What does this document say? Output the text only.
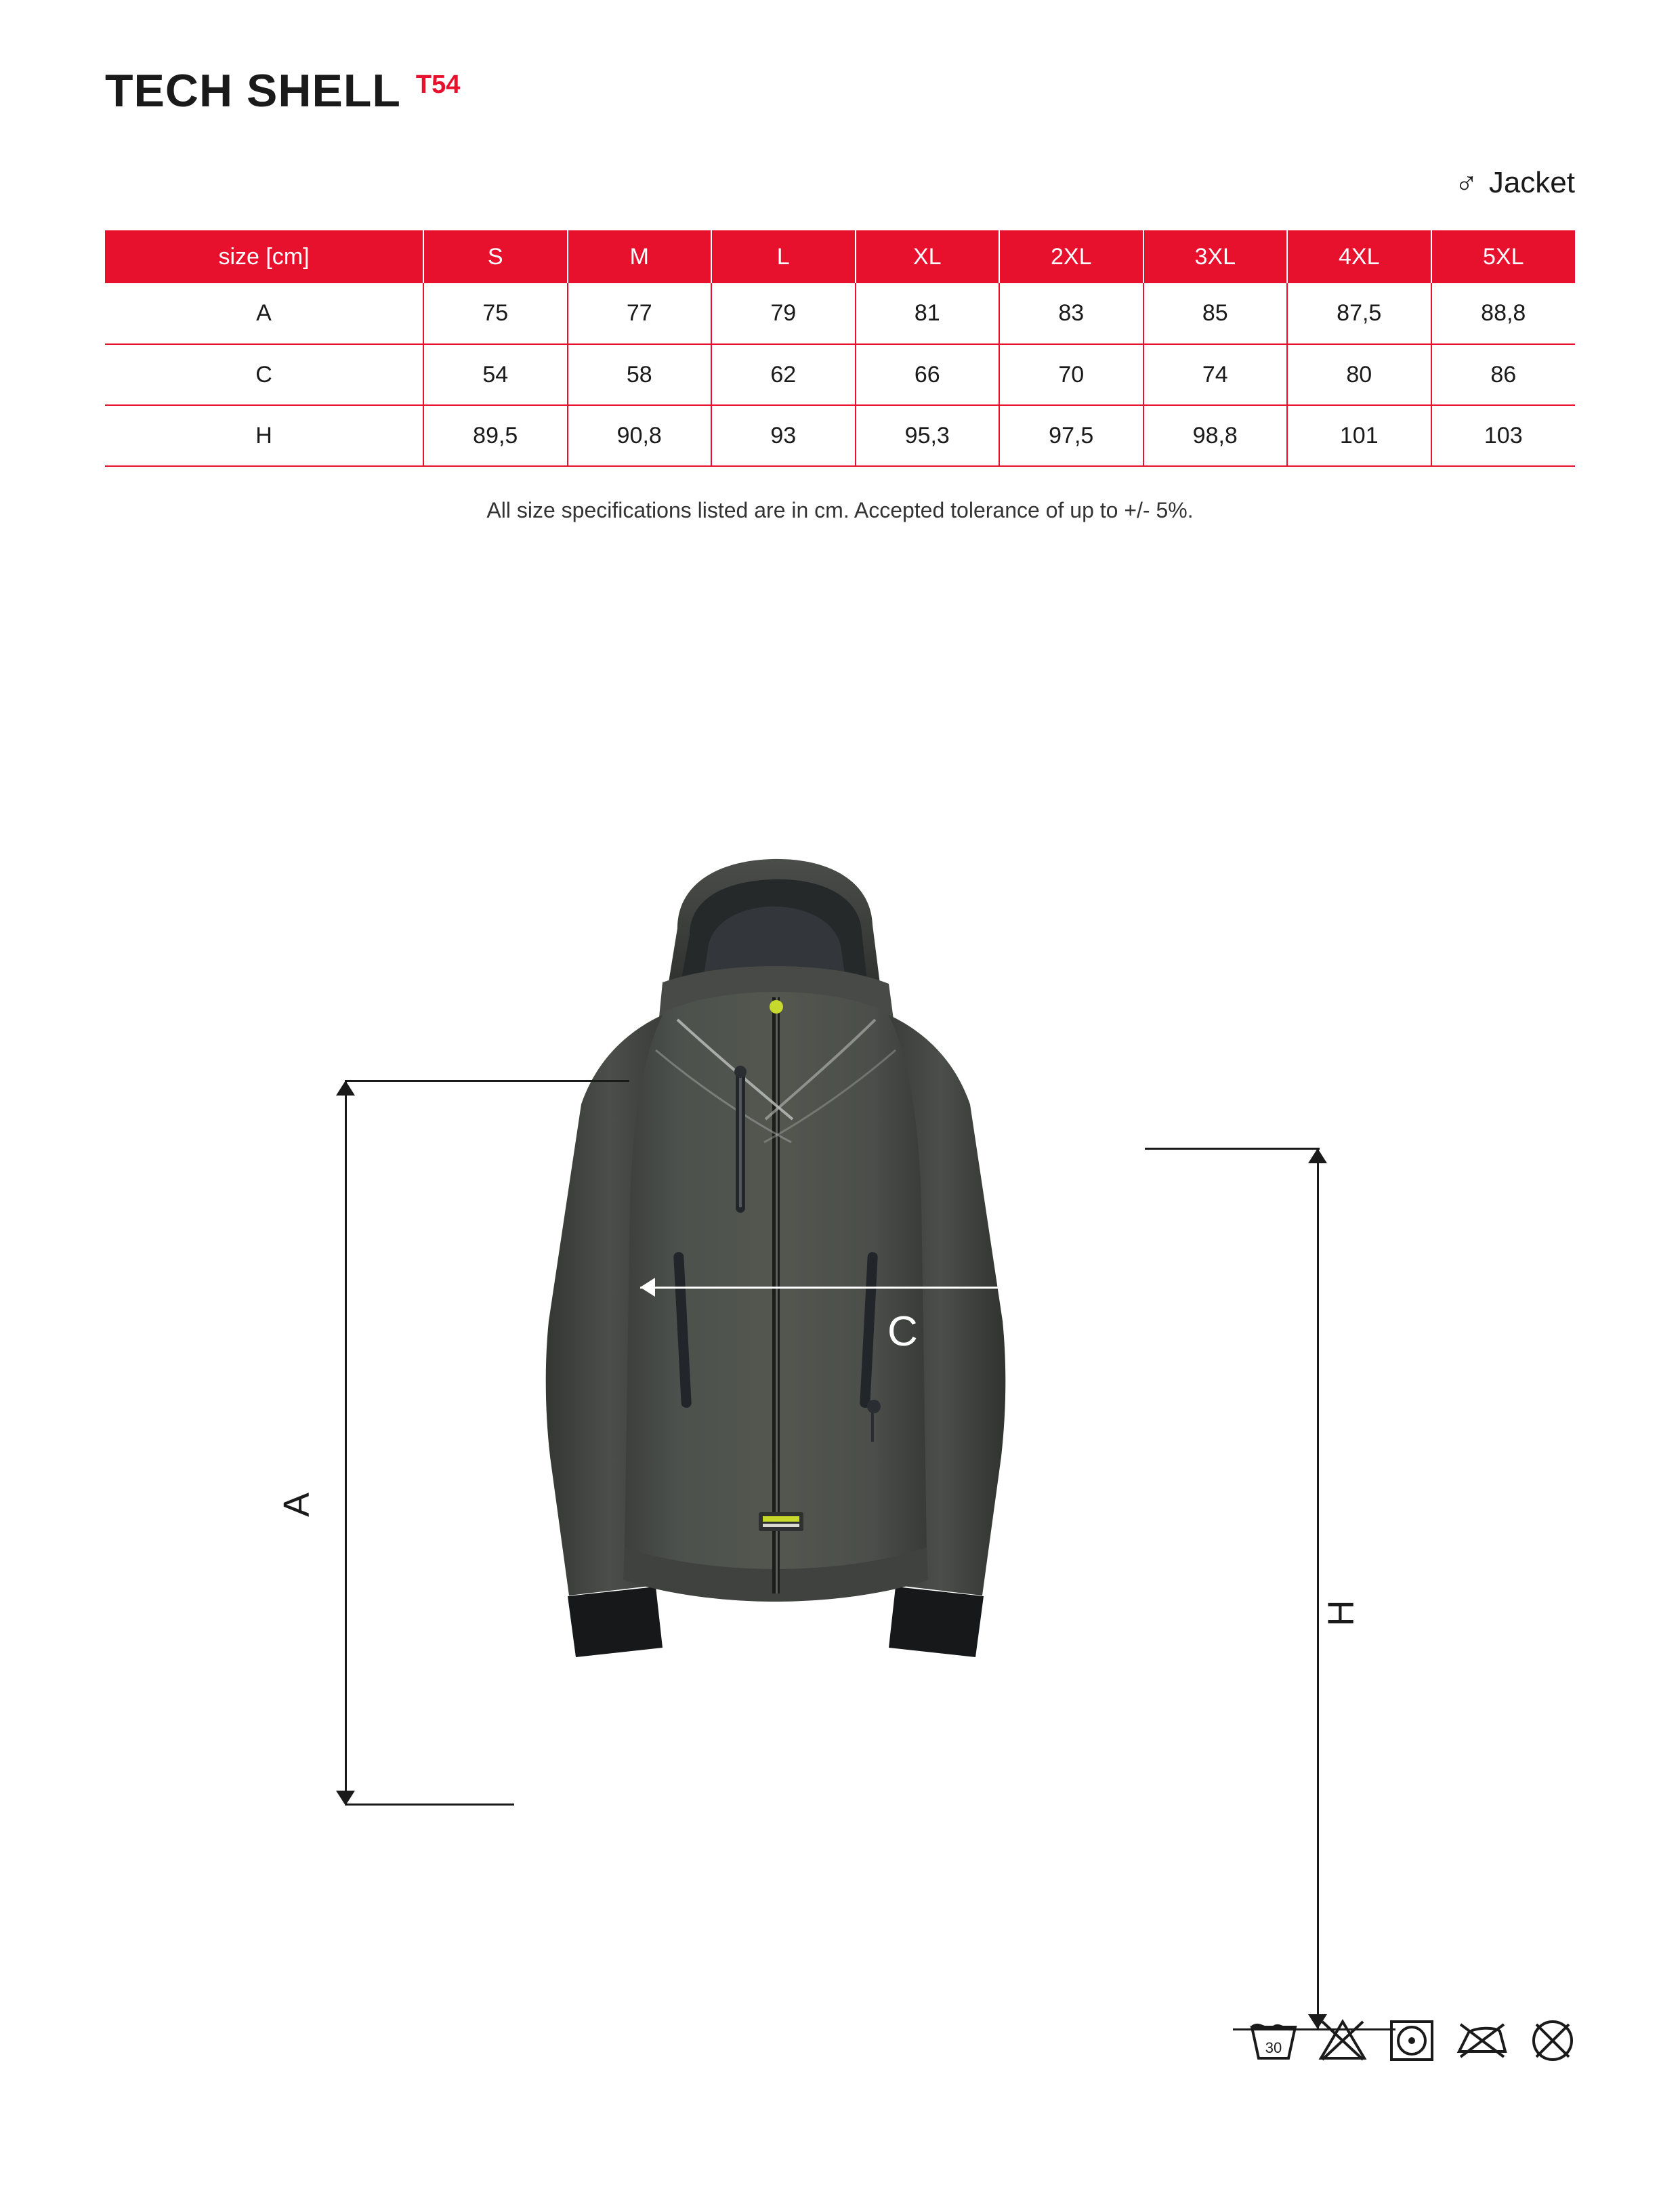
TECH SHELL T54
♂ Jacket
size [cm]	S	M	L	XL	2XL	3XL	4XL	5XL
A	75	77	79	81	83	85	87,5	88,8
C	54	58	62	66	70	74	80	86
H	89,5	90,8	93	95,3	97,5	98,8	101	103
All size specifications listed are in cm. Accepted tolerance of up to +/- 5%.
A
H
C
30
